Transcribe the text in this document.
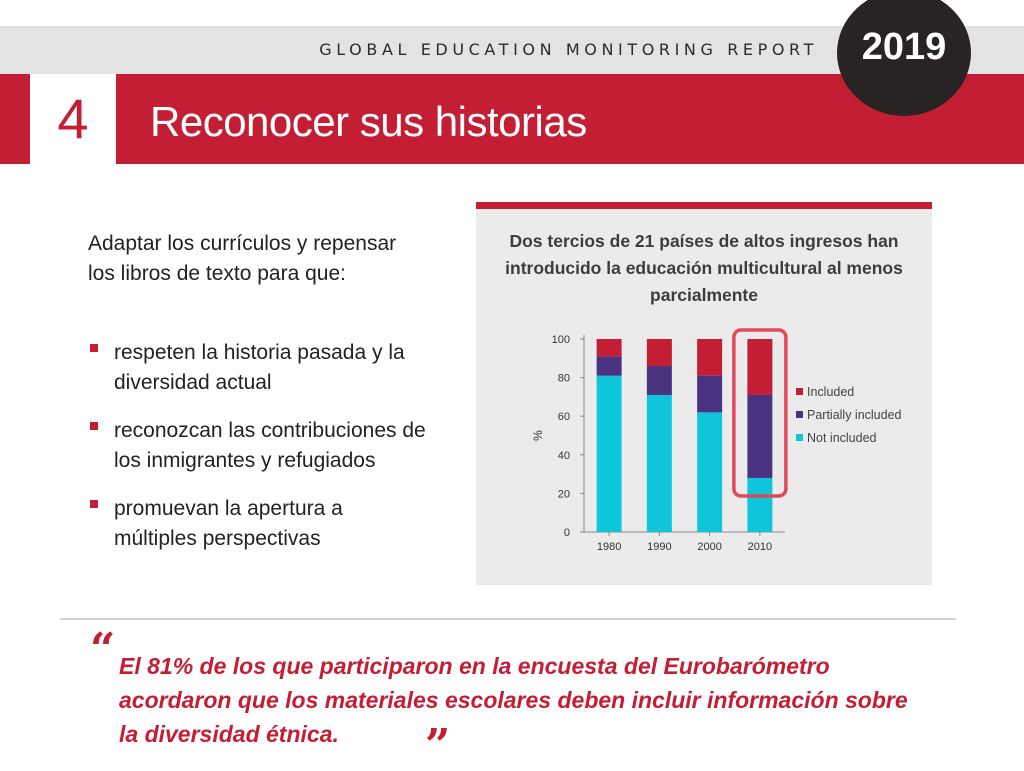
GLOBAL EDUCATION MONITORING REPORT
4	Reconocer sus historias
2019
Adaptar los currículos y repensar los libros de texto para que:
respeten la historia pasada y la diversidad actual
reconozcan las contribuciones de los inmigrantes y refugiados
promuevan la apertura a múltiples perspectivas
Dos tercios de 21 países de altos ingresos han introducido la educación multicultural al menos parcialmente
0
20
40
60
80
100
%
1980 1990 2000 2010
Included
Partially included
Not included
“ El 81% de los que participaron en la encuesta del Eurobarómetro acordaron que los materiales escolares deben incluir información sobre la diversidad étnica.	”
